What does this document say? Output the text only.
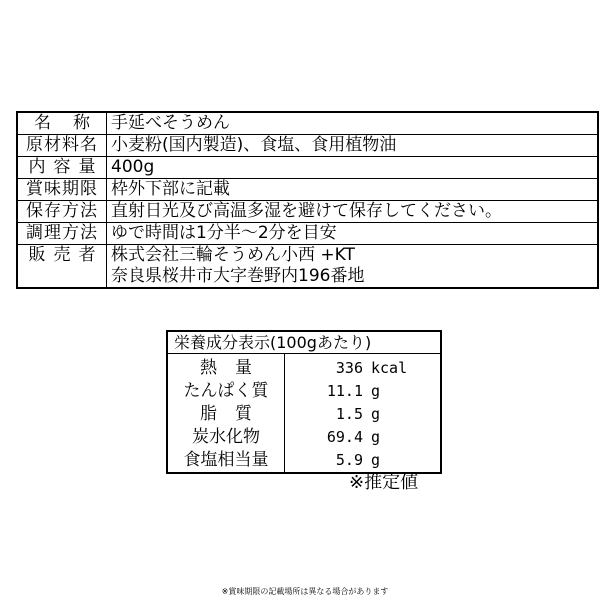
名称	手延べそうめん

原材料名	小麦粉(国内製造)、食塩、食用植物油

内容量	400g

賞味期限	枠外下部に記載

保存方法	直射日光及び高温多湿を避けて保存してください。

調理方法	ゆで時間は1分半～2分を目安

販売者	株式会社三輪そうめん小西 +KT
奈良県桜井市大字巻野内196番地
栄養成分表示(100gあたり)	
熱量	336 kcal
たんぱく質	11.1 g
脂質	1.5 g
炭水化物	69.4 g
食塩相当量	5.9 g
※推定値
※賞味期限の記載場所は異なる場合があります
